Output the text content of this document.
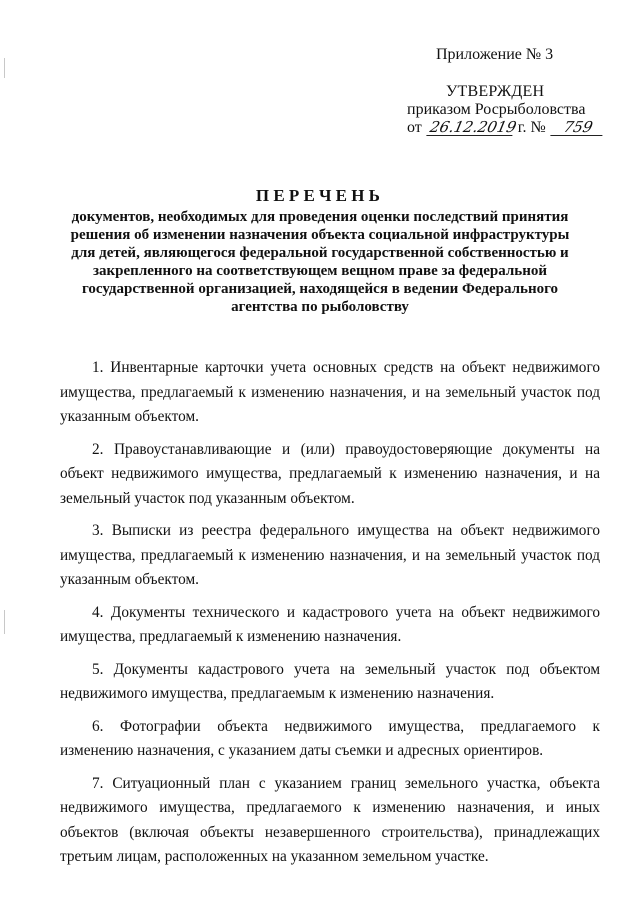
Приложение № 3
УТВЕРЖДЕН
приказом Росрыболовства
от 26.12.2019г. № 759
ПЕРЕЧЕНЬ
документов, необходимых для проведения оценки последствий принятия решения об изменении назначения объекта социальной инфраструктуры для детей, являющегося федеральной государственной собственностью и закрепленного на соответствующем вещном праве за федеральной государственной организацией, находящейся в ведении Федерального агентства по рыболовству

1. Инвентарные карточки учета основных средств на объект недвижимого имущества, предлагаемый к изменению назначения, и на земельный участок под указанным объектом.

2. Правоустанавливающие и (или) правоудостоверяющие документы на объект недвижимого имущества, предлагаемый к изменению назначения, и на земельный участок под указанным объектом.

3. Выписки из реестра федерального имущества на объект недвижимого имущества, предлагаемый к изменению назначения, и на земельный участок под указанным объектом.

4. Документы технического и кадастрового учета на объект недвижимого имущества, предлагаемый к изменению назначения.

5. Документы кадастрового учета на земельный участок под объектом недвижимого имущества, предлагаемым к изменению назначения.

6. Фотографии объекта недвижимого имущества, предлагаемого к изменению назначения, с указанием даты съемки и адресных ориентиров.

7. Ситуационный план с указанием границ земельного участка, объекта недвижимого имущества, предлагаемого к изменению назначения, и иных объектов (включая объекты незавершенного строительства), принадлежащих третьим лицам, расположенных на указанном земельном участке.
